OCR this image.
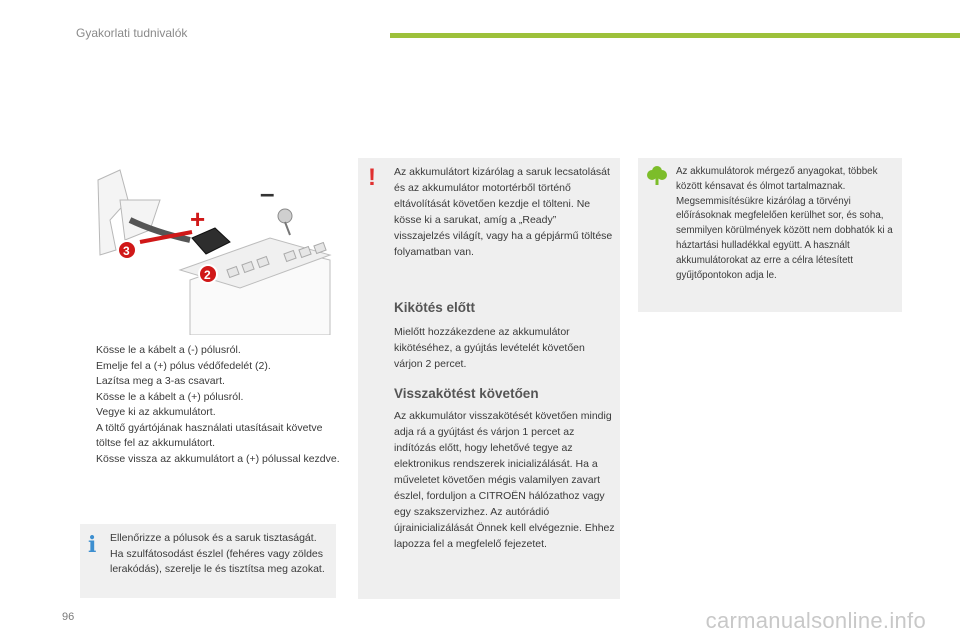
Gyakorlati tudnivalók
+
–
3
2
Kösse le a kábelt a (-) pólusról.
Emelje fel a (+) pólus védőfedelét (2).
Lazítsa meg a 3-as csavart.
Kösse le a kábelt a (+) pólusról.
Vegye ki az akkumulátort.
A töltő gyártójának használati utasításait követve töltse fel az akkumulátort.
Kösse vissza az akkumulátort a (+) pólussal kezdve.
i	Ellenőrizze a pólusok és a saruk tisztaságát. Ha szulfátosodást észlel (fehéres vagy zöldes lerakódás), szerelje le és tisztítsa meg azokat.
! Az akkumulátort kizárólag a saruk lecsatolását és az akkumulátor motortérből történő eltávolítását követően kezdje el tölteni. Ne kösse ki a sarukat, amíg a „Ready” visszajelzés világít, vagy ha a gépjármű töltése folyamatban van.
Kikötés előtt
Mielőtt hozzákezdene az akkumulátor kikötéséhez, a gyújtás levételét követően várjon 2 percet.
Visszakötést követően
Az akkumulátor visszakötését követően mindig adja rá a gyújtást és várjon 1 percet az indítózás előtt, hogy lehetővé tegye az elektronikus rendszerek inicializálását. Ha a műveletet követően mégis valamilyen zavart észlel, forduljon a CITROËN hálózathoz vagy egy szakszervizhez. Az autórádió újrainicializálását Önnek kell elvégeznie. Ehhez lapozza fel a megfelelő fejezetet.
Az akkumulátorok mérgező anyagokat, többek között kénsavat és ólmot tartalmaznak. Megsemmisítésükre kizárólag a törvényi előírásoknak megfelelően kerülhet sor, és soha, semmilyen körülmények között nem dobhatók ki a háztartási hulladékkal együtt. A használt akkumulátorokat az erre a célra létesített gyűjtőpontokon adja le.
96	carmanualsonline.info
